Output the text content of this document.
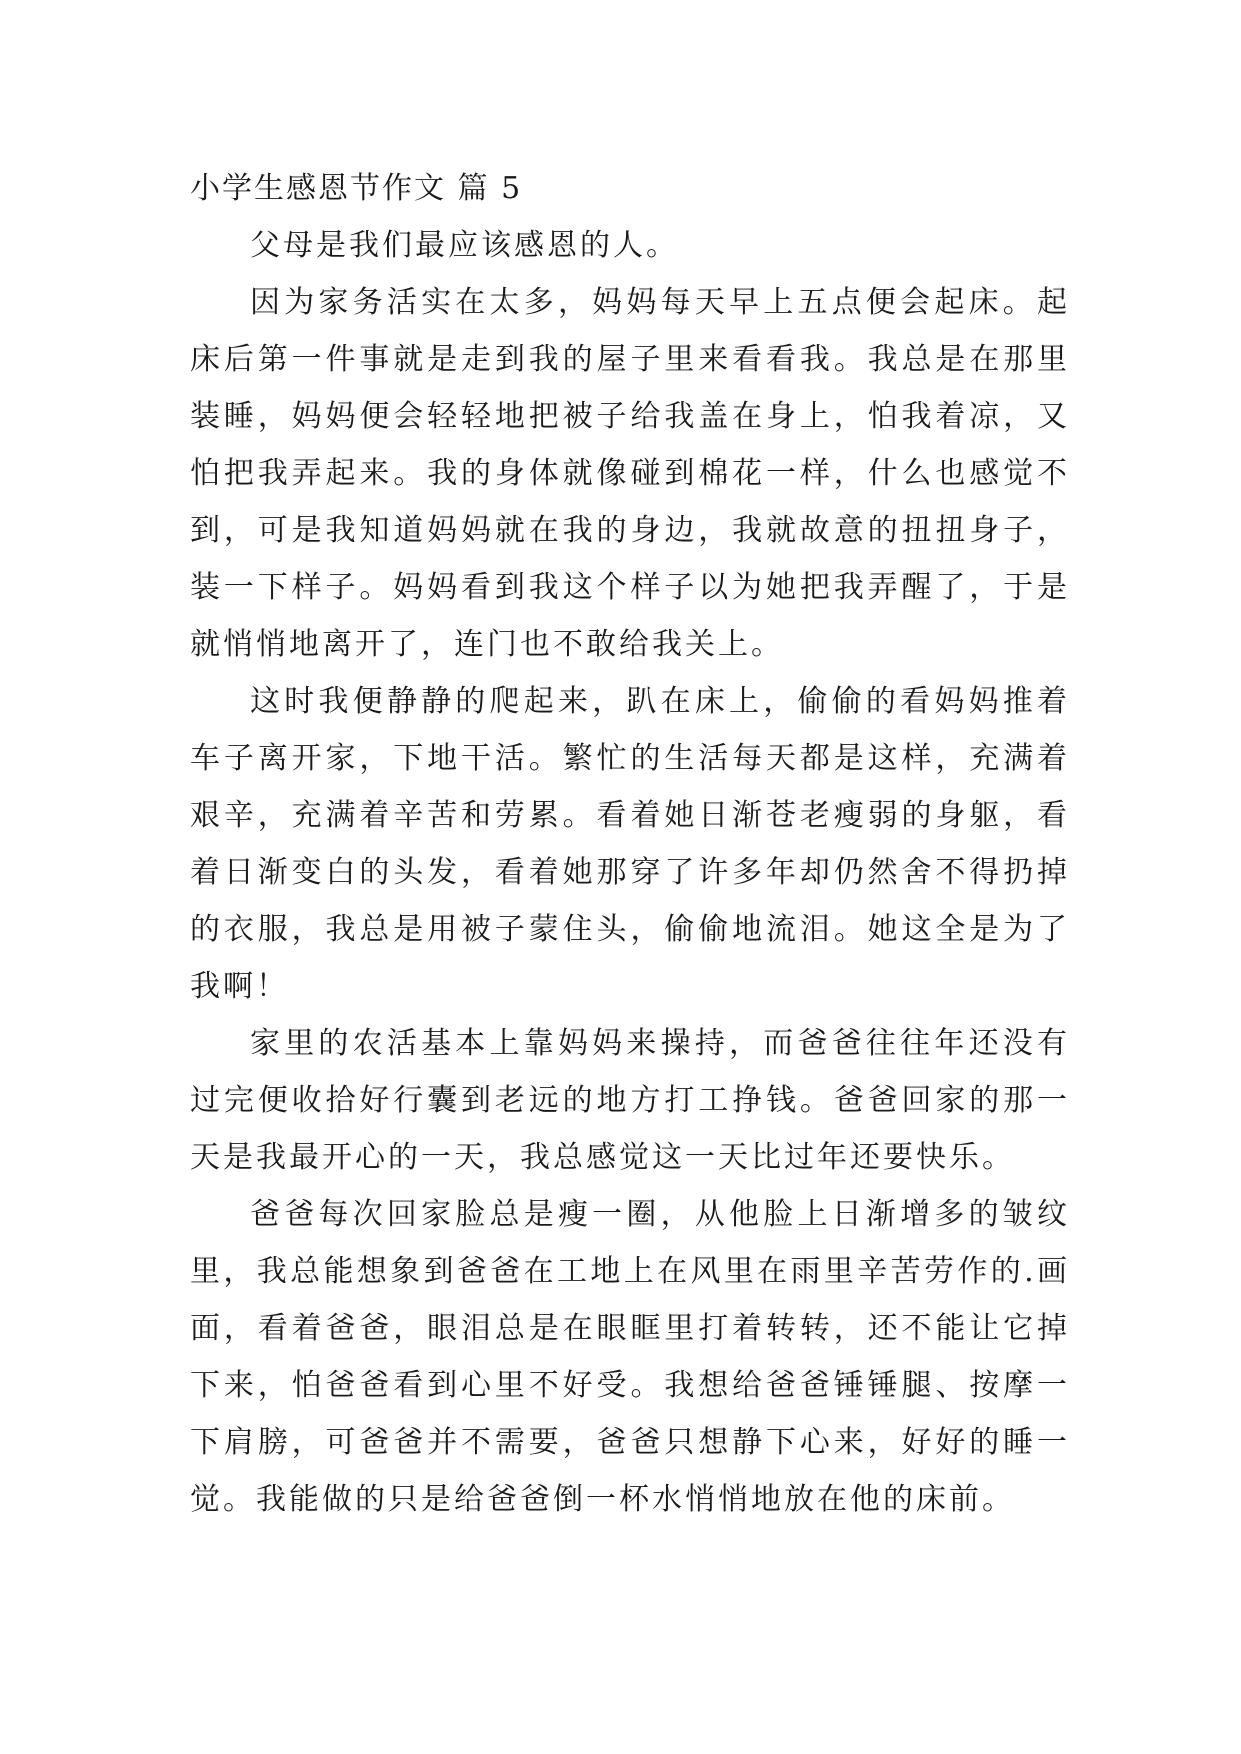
小学生感恩节作文 篇 5

父母是我们最应该感恩的人。

因为家务活实在太多，妈妈每天早上五点便会起床。起床后第一件事就是走到我的屋子里来看看我。我总是在那里装睡，妈妈便会轻轻地把被子给我盖在身上，怕我着凉，又怕把我弄起来。我的身体就像碰到棉花一样，什么也感觉不到，可是我知道妈妈就在我的身边，我就故意的扭扭身子，装一下样子。妈妈看到我这个样子以为她把我弄醒了，于是就悄悄地离开了，连门也不敢给我关上。

这时我便静静的爬起来，趴在床上，偷偷的看妈妈推着车子离开家，下地干活。繁忙的生活每天都是这样，充满着艰辛，充满着辛苦和劳累。看着她日渐苍老瘦弱的身躯，看着日渐变白的头发，看着她那穿了许多年却仍然舍不得扔掉的衣服，我总是用被子蒙住头，偷偷地流泪。她这全是为了我啊！

家里的农活基本上靠妈妈来操持，而爸爸往往年还没有过完便收拾好行囊到老远的地方打工挣钱。爸爸回家的那一天是我最开心的一天，我总感觉这一天比过年还要快乐。

爸爸每次回家脸总是瘦一圈，从他脸上日渐增多的皱纹里，我总能想象到爸爸在工地上在风里在雨里辛苦劳作的.画面，看着爸爸，眼泪总是在眼眶里打着转转，还不能让它掉下来，怕爸爸看到心里不好受。我想给爸爸锤锤腿、按摩一下肩膀，可爸爸并不需要，爸爸只想静下心来，好好的睡一觉。我能做的只是给爸爸倒一杯水悄悄地放在他的床前。
